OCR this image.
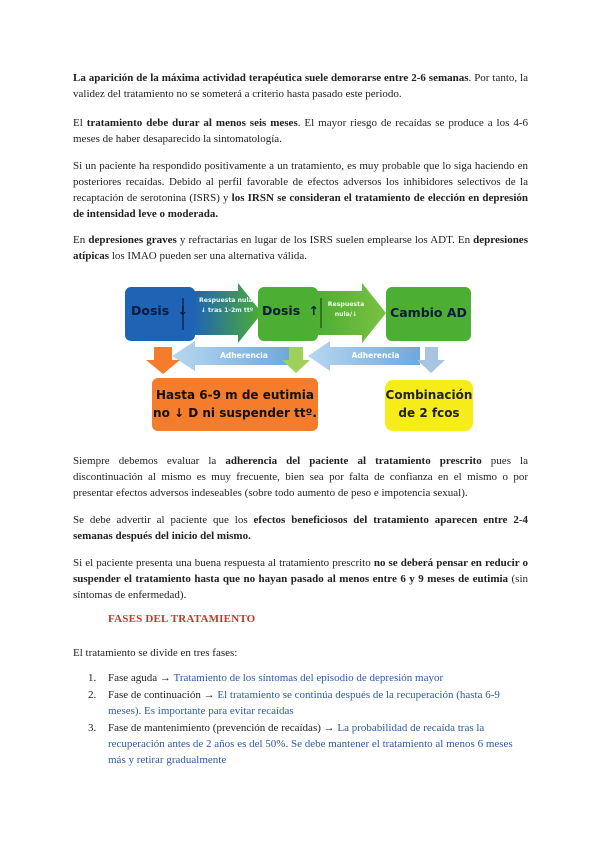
La aparición de la máxima actividad terapéutica suele demorarse entre 2-6 semanas. Por tanto, la validez del tratamiento no se someterá a criterio hasta pasado este periodo.

El tratamiento debe durar al menos seis meses. El mayor riesgo de recaídas se produce a los 4-6 meses de haber desaparecido la sintomatología.

Si un paciente ha respondido positivamente a un tratamiento, es muy probable que lo siga haciendo en posteriores recaídas. Debido al perfil favorable de efectos adversos los inhibidores selectivos de la recaptación de serotonina (ISRS) y los IRSN se consideran el tratamiento de elección en depresión de intensidad leve o moderada.

En depresiones graves y refractarias en lugar de los ISRS suelen emplearse los ADT. En depresiones atípicas los IMAO pueden ser una alternativa válida.

Dosis ↓
Respuesta nula/↓ tras 1-2m ttº Dosis ↑	Respuesta nula/↓	Cambio AD
Adherencia	Adherencia
Hasta 6-9 m de eutimia
no ↓ D ni suspender ttº.
Combinación
de 2 fcos

Siempre debemos evaluar la adherencia del paciente al tratamiento prescrito pues la discontinuación al mismo es muy frecuente, bien sea por falta de confianza en el mismo o por presentar efectos adversos indeseables (sobre todo aumento de peso e impotencia sexual).

Se debe advertir al paciente que los efectos beneficiosos del tratamiento aparecen entre 2-4 semanas después del inicio del mismo.

Si el paciente presenta una buena respuesta al tratamiento prescrito no se deberá pensar en reducir o suspender el tratamiento hasta que no hayan pasado al menos entre 6 y 9 meses de eutimia (sin síntomas de enfermedad).

FASES DEL TRATAMIENTO

El tratamiento se divide en tres fases:

1. Fase aguda → Tratamiento de los síntomas del episodio de depresión mayor
2. Fase de continuación → El tratamiento se continúa después de la recuperación (hasta 6-9 meses). Es importante para evitar recaídas
3. Fase de mantenimiento (prevención de recaídas) → La probabilidad de recaída tras la recuperación antes de 2 años es del 50%. Se debe mantener el tratamiento al menos 6 meses más y retirar gradualmente
